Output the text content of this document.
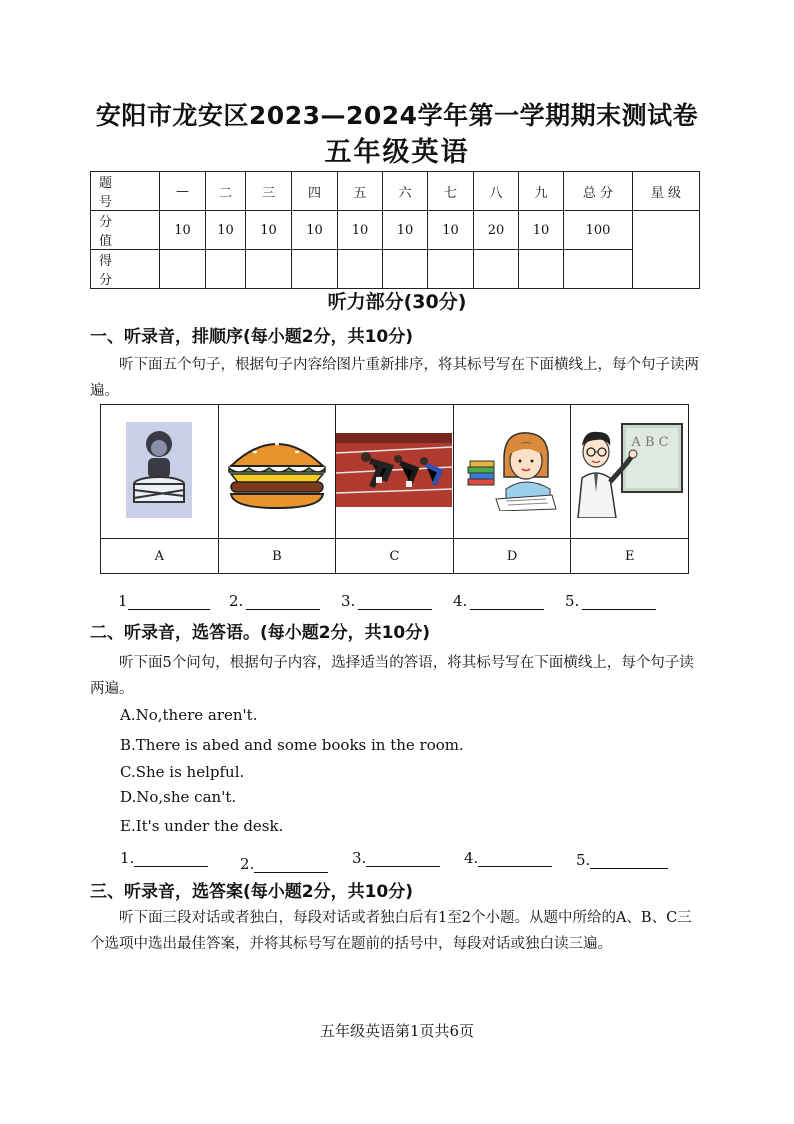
安阳市龙安区2023—2024学年第一学期期末测试卷
五年级英语
题 号	—	二	三	四	五	六	七	八	九	总 分	星 级
分 值	10	10	10	10	10	10	10	20	10	100	
得 分											
听力部分(30分)
一、听录音，排顺序(每小题2分，共10分)
听下面五个句子，根据句子内容给图片重新排序，将其标号写在下面横线上，每个句子读两遍。

A B C

A	B	C	D	E
1	2.	3.	4.	5.
二、听录音，选答语。(每小题2分，共10分)
听下面5个问句，根据句子内容，选择适当的答语，将其标号写在下面横线上，每个句子读两遍。
A.No,there aren't.
B.There is abed and some books in the room.
C.She is helpful.
D.No,she can't.
E.It's under the desk.
1.	2.	3.	4.	5.
三、听录音，选答案(每小题2分，共10分)
听下面三段对话或者独白，每段对话或者独白后有1至2个小题。从题中所给的A、B、C三个选项中选出最佳答案，并将其标号写在题前的括号中，每段对话或独白读三遍。
五年级英语第1页共6页
